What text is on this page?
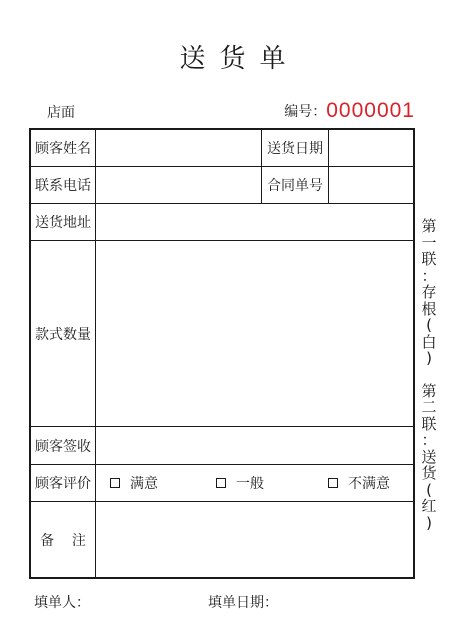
送货单
店面	编号：0000001
顾客姓名	送货日期
联系电话	合同单号
送货地址
款式数量
顾客签收
顾客评价	满意	一般	不满意
备    注
第
一
联
：
存
根
(
白
)
第
二
联
：
送
货
(
红
)
填单人：	填单日期：
